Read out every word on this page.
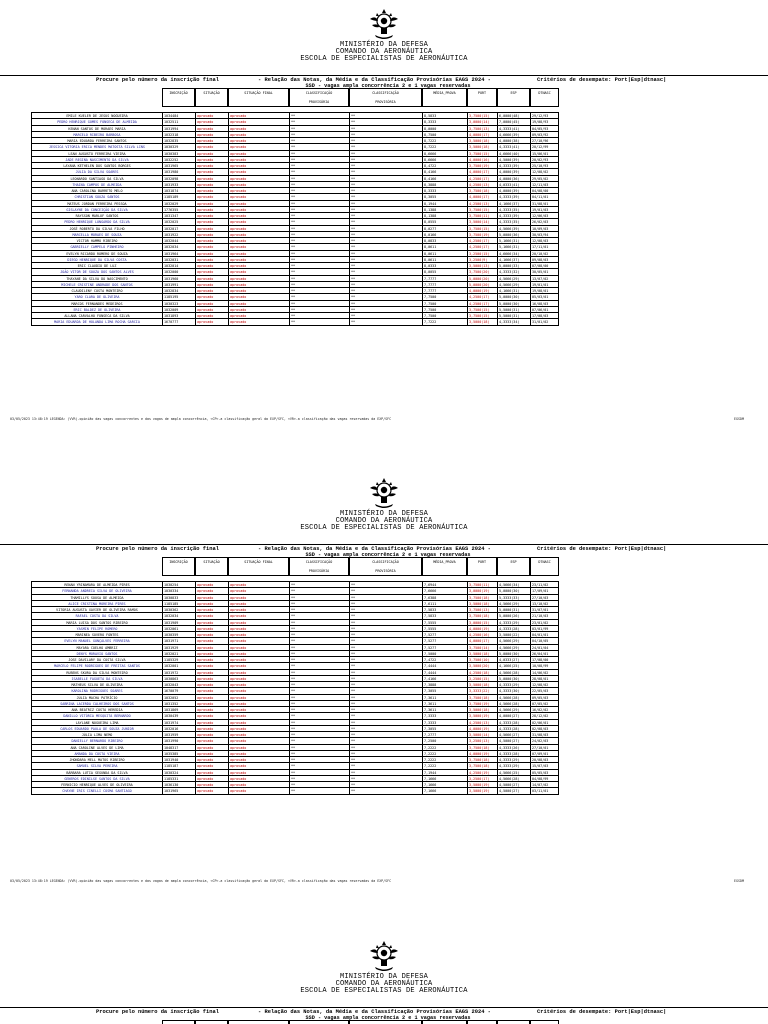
MINISTÉRIO DA DEFESA
COMANDO DA AERONÁUTICA
ESCOLA DE ESPECIALISTAS DE AERONÁUTICA
Procure pelo número da inscrição final	- Relação das Notas, da Média e da Classificação Provisórias EAGS 2024 -	Critérios de desempate: Port|Esp|dtnasc|
SSD - vagas ampla concorrência 2 e 1 vagas reservadas
INSCRIÇÃO	SITUAÇÃO	SITUAÇÃO FINAL	CLASSIFICAÇÃO
PROVISÓRIA
CLASSIFICAÇÃO
PROVISÓRIA
MÉDIA_PROVA	PORT	ESP	DTNASC
EMILE KUELER DE JESUS NOGUEIRA	1034484	aprovado	aprovado	**	**	8,5833	3,7500(15)	6,0000(48)	29/12/93
PEDRO HENRIQUE GOMES FONSECA DE ALMEIDA	1032511	aprovado	aprovado	**	**	8,3333	3,0000(14)	7,0000(45)	19/08/93
KENAN SANTOS DE MORAES MARIA	1031994	aprovado	aprovado	**	**	8,0000	3,7500(13)	4,3333(41)	04/05/93
MARCELO RIBEIRO BARBOSA	1032318	aprovado	aprovado	**	**	8,7500	4,0000(17)	4,6666(39)	09/03/92
MARIA EDUARDA FERREIRA SANTOS	1032835	aprovado	aprovado	**	**	8,7222	3,5000(18)	4,0000(38)	27/10/96
JESSICA VITORIA ERICA MENDES MATOSTA SILVA LINS	1030329	aprovado	aprovado	**	**	8,7222	3,5000(18)	4,3333(41)	20/12/99
LEAN AUGUSTO FERREIRA VIEIRA	1030383	aprovado	aprovado	**	**	8,6666	3,7500(15)	4,6666(40)	15/06/01
JADE REGINA NASCIMENTO DA SILVA	1032252	aprovado	aprovado	**	**	8,6666	4,0000(16)	4,5000(39)	20/02/93
LAYANA KETHELEN DOS SANTOS BORGES	1031965	aprovado	aprovado	**	**	8,4722	3,7500(19)	4,3333(39)	25/10/93
JÚLIA DA SILVA SOARES	1031980	aprovado	aprovado	**	**	8,4166	4,0000(17)	4,0000(39)	12/08/02
LEONARDO SANTIAGO DA SILVA	1032098	aprovado	aprovado	**	**	8,4166	4,2500(17)	4,0000(36)	29/05/02
THAINA CAMPOS DE ALMEIDA	1031933	aprovado	aprovado	**	**	8,3888	4,2500(13)	4,0333(41)	12/11/03
ANA CAROLINA BARRETO MELO	1031874	aprovado	aprovado	**	**	8,3333	3,7500(18)	4,0000(39)	04/08/00
CHRISTIAN SOUZA SANTOS	1185189	aprovado	aprovado	**	**	8,3055	4,0000(17)	4,3333(39)	04/11/01
MATEUS JORDAN FERREIRA PESSOA	1032029	aprovado	aprovado	**	**	8,1944	4,2500(13)	4,1666(37)	31/08/01
GISLAYNE DA CONCEIÇÃO DA SILVA	1776355	aprovado	aprovado	**	**	8,1388	3,7500(15)	4,3333(35)	19/01/03
RAYSSON MARLUF SANTOS	1031347	aprovado	aprovado	**	**	8,1388	3,7500(11)	4,3333(39)	12/06/03
PEDRO HENRIQUE LONGARDO DA SILVA	1032025	aprovado	aprovado	**	**	8,0555	3,5000(14)	4,3333(35)	26/02/03
JOSÉ ROBERTO DA SILVA FILHO	1032017	aprovado	aprovado	**	**	8,0277	3,7500(15)	4,5666(39)	10/09/03
MARCELLA MORAES DE SOUZA	1031922	aprovado	aprovado	**	**	8,0166	3,7500(19)	5,0000(36)	30/03/94
VICTOR HAMMO RIBEIRO	1032044	aprovado	aprovado	**	**	8,0833	4,2500(17)	5,1666(31)	12/08/03
GABRIELLY CAMPELO PINHEIRO	1032034	aprovado	aprovado	**	**	8,0611	4,2500(17)	5,1666(31)	17/11/01
EVELYN RICARDO ROMERO DE SOUZA	1031964	aprovado	aprovado	**	**	8,0611	3,2500(15)	4,6666(34)	20/10/02
DIEGO HENRIQUE DA SILVA COSTA	1032031	aprovado	aprovado	**	**	8,0611	3,2500(9)	4,1666(37)	09/08/03
ERIC CLAUDIO DE LUZ	1032014	aprovado	aprovado	**	**	8,0333	3,5000(13)	5,0000(33)	07/08/00
JOÃO VITOR DE SOUZA DOS SANTOS ALVES	1032000	aprovado	aprovado	**	**	8,0055	3,7500(20)	4,3333(32)	30/05/01
THAYANE DA SILVA DO NASCIMENTO	1031960	aprovado	aprovado	**	**	7,7777	5,0000(20)	4,5666(29)	13/07/02
MICHELE CRISTINE ANDRADE DOS SANTOS	1031991	aprovado	aprovado	**	**	7,7777	5,0000(20)	4,5666(29)	19/01/01
CLAUDILENY COSTA MONTEIRO	1032834	aprovado	aprovado	**	**	7,7777	4,0000(19)	4,1666(31)	19/08/01
YARO CLARA DE OLIVEIRA	1185195	aprovado	aprovado	**	**	7,7500	4,2500(17)	5,0000(30)	05/03/01
MARCOS FERNANDES MEDEIROS	1030323	aprovado	aprovado	**	**	7,7500	4,2500(17)	5,0000(30)	16/08/03
ERIC BALDEZ DE OLIVEIRA	1032009	aprovado	aprovado	**	**	7,7500	3,7500(15)	5,5000(31)	07/06/01
ALLANA CARVALHO FONSECA DA SILVA	1031893	aprovado	aprovado	**	**	7,7500	3,7500(15)	5,5000(31)	17/08/03
MARIA EDUARDA DE HOLANDA LIMA ROCHA GARCIA	1670777	aprovado	aprovado	**	**	7,7222	3,5000(18)	4,3333(34)	31/01/02
03/05/2023 13:48:19 LEGENDA: (VVR)-opinião das vagas concorrentes e das vagas de ampla concorrência, <CP>-a classificação geral da EXP/SFC, <VR>-a classificação das vagas reservadas da EXP/SFC	EGSDM
MINISTÉRIO DA DEFESA
COMANDO DA AERONÁUTICA
ESCOLA DE ESPECIALISTAS DE AERONÁUTICA
Procure pelo número da inscrição final	- Relação das Notas, da Média e da Classificação Provisórias EAGS 2024 -	Critérios de desempate: Port|Esp|dtnasc|
SSD - vagas ampla concorrência 2 e 1 vagas reservadas
INSCRIÇÃO	SITUAÇÃO	SITUAÇÃO FINAL	CLASSIFICAÇÃO
PROVISÓRIA
CLASSIFICAÇÃO
PROVISÓRIA
MÉDIA_PROVA	PORT	ESP	DTNASC
RENAN YRINAMARA DE ALMEIDA PIRES	1030254	aprovado	aprovado	**	**	7,6944	3,7500(11)	4,5666(34)	23/11/02
FERNANDA ANDREIA SILVA DE OLIVEIRA	1030334	aprovado	aprovado	**	**	7,6666	3,0000(19)	5,0000(30)	17/09/01
THAMILLYS SOUSA DE ALMEIDA	1030833	aprovado	aprovado	**	**	7,6388	3,7500(18)	5,3333(33)	27/10/03
ALICE CRISTINA MOREIRA PIRES	1185185	aprovado	aprovado	**	**	7,6111	3,5000(18)	4,5666(29)	13/10/02
VITORIA AUGUSTA XAVIER DE OLIVEIRA RAMOS	1030362	aprovado	aprovado	**	**	7,5833	3,7500(13)	5,0000(31)	31/07/01
RAFAEL COSTA DA SILVA	1032034	aprovado	aprovado	**	**	7,5833	3,7500(18)	5,0000(26)	21/10/03
MARIA LUISA DOS SANTOS RIBEIRO	1031909	aprovado	aprovado	**	**	7,5555	3,0000(15)	4,3333(29)	23/01/02
YASMIN FELIPE ROMERO	1032061	aprovado	aprovado	**	**	7,5555	4,0000(19)	4,3333(28)	03/01/99
MARINEA SOVERO FONTES	1030359	aprovado	aprovado	**	**	7,5277	4,2500(16)	3,5000(22)	04/01/01
EVELYN MANUEL GONÇALVES FERREIRA	1031971	aprovado	aprovado	**	**	7,5277	4,0000(17)	4,5666(29)	04/10/05
MAYARA COELHO AMBRIZ	1031929	aprovado	aprovado	**	**	7,5277	3,7500(14)	4,5666(29)	24/01/04
DENYS MORAVIO SANTOS	1032021	aprovado	aprovado	**	**	7,5000	3,5000(18)	5,0000(30)	26/04/01
JOSE DAVILARY DA COSTA SILVA	1185329	aprovado	aprovado	**	**	7,4722	3,7500(10)	4,0333(27)	17/08/00
MARCELO FELIPE RODRIGUES DE FREITAS SANTOS	1032001	aprovado	aprovado	**	**	7,4444	3,5000(20)	4,1666(25)	10/08/99
RUBENS SKURA DA SILVA MONTEIRO	1031972	aprovado	aprovado	**	**	7,4444	4,2500(18)	4,5666(28)	14/06/02
ISABELLE FAGUETA DA SILVA	1030863	aprovado	aprovado	**	**	7,4166	3,2500(15)	5,0000(30)	28/08/01
MATHEUS SILVA DE OLIVEIRA	1032043	aprovado	aprovado	**	**	7,3888	3,5000(18)	4,3333(29)	12/08/02
KAROLINA RODRIGUES SOARES	1670079	aprovado	aprovado	**	**	7,3055	3,3333(22)	4,3333(30)	22/05/03
JÚLIA MACHA PATRÍCIO	1032052	aprovado	aprovado	**	**	7,3611	3,7500(18)	4,5666(28)	09/05/03
SABRINA LACERDA CALHEIROS DOS SANTOS	1031352	aprovado	aprovado	**	**	7,3611	3,7500(19)	4,5666(28)	07/05/02
ANA BEATRIZ COSTA HEREDIA	1031869	aprovado	aprovado	**	**	7,3611	3,5000(18)	4,5666(29)	16/02/02
DANILLO VITÓRIA MESQUITA BERNARDO	1030439	aprovado	aprovado	**	**	7,3333	3,5000(19)	4,0000(27)	28/12/02
LAYLANE NOGUEIRA LIMA	1031974	aprovado	aprovado	**	**	7,3333	4,2500(13)	4,3333(28)	02/06/01
CARLOS EDUARDO PAULA DE SOUZA JUNIOR	1032016	aprovado	aprovado	**	**	7,3055	4,0000(19)	4,3333(28)	02/08/03
JÚLIA LIMA NEMO	1031959	aprovado	aprovado	**	**	7,2777	3,5000(14)	4,5666(27)	31/08/03
DANIELLY BERNARDO RIBEIRO	1031990	aprovado	aprovado	**	**	7,2500	3,2500(13)	4,5000(27)	24/02/03
ANA CAROLINE ALVES DE LIMA	1048317	aprovado	aprovado	**	**	7,2222	3,7500(18)	4,3333(26)	27/10/01
AMANDA DA COSTA VIEIRA	1035385	aprovado	aprovado	**	**	7,2222	4,0000(19)	4,3333(28)	07/09/01
JHONDARA MELL MATOS RIBEIRO	1031940	aprovado	aprovado	**	**	7,2222	3,7500(18)	4,3333(29)	20/08/03
SAMUEL SILVA PEREIRA	1185187	aprovado	aprovado	**	**	7,2222	3,7500(18)	4,3333(29)	15/07/03
BÁRBARA LUTIA SEGUNDA DA SILVA	1030324	aprovado	aprovado	**	**	7,1944	4,2500(19)	4,5666(25)	05/05/03
GENEROS EDINILSE SANTOS DA SILVA	1185331	aprovado	aprovado	**	**	7,1666	3,2500(17)	4,5666(28)	04/08/99
FERNICIO HENRIQUE ALVES DE OLIVEIRA	1036130	aprovado	aprovado	**	**	7,1666	3,5000(19)	4,5000(27)	14/07/02
CHAYNE IRIS CINELLI COSMA SANTIAGO	1031965	aprovado	aprovado	**	**	7,1666	3,5000(19)	4,5000(27)	03/11/01
03/05/2023 13:48:19 LEGENDA: (VVR)-opinião das vagas concorrentes e das vagas de ampla concorrência, <CP>-a classificação geral da EXP/SFC, <VR>-a classificação das vagas reservadas da EXP/SFC	EGSDM
MINISTÉRIO DA DEFESA
COMANDO DA AERONÁUTICA
ESCOLA DE ESPECIALISTAS DE AERONÁUTICA
Procure pelo número da inscrição final	- Relação das Notas, da Média e da Classificação Provisórias EAGS 2024 -	Critérios de desempate: Port|Esp|dtnasc|
SSD - vagas ampla concorrência 2 e 1 vagas reservadas
